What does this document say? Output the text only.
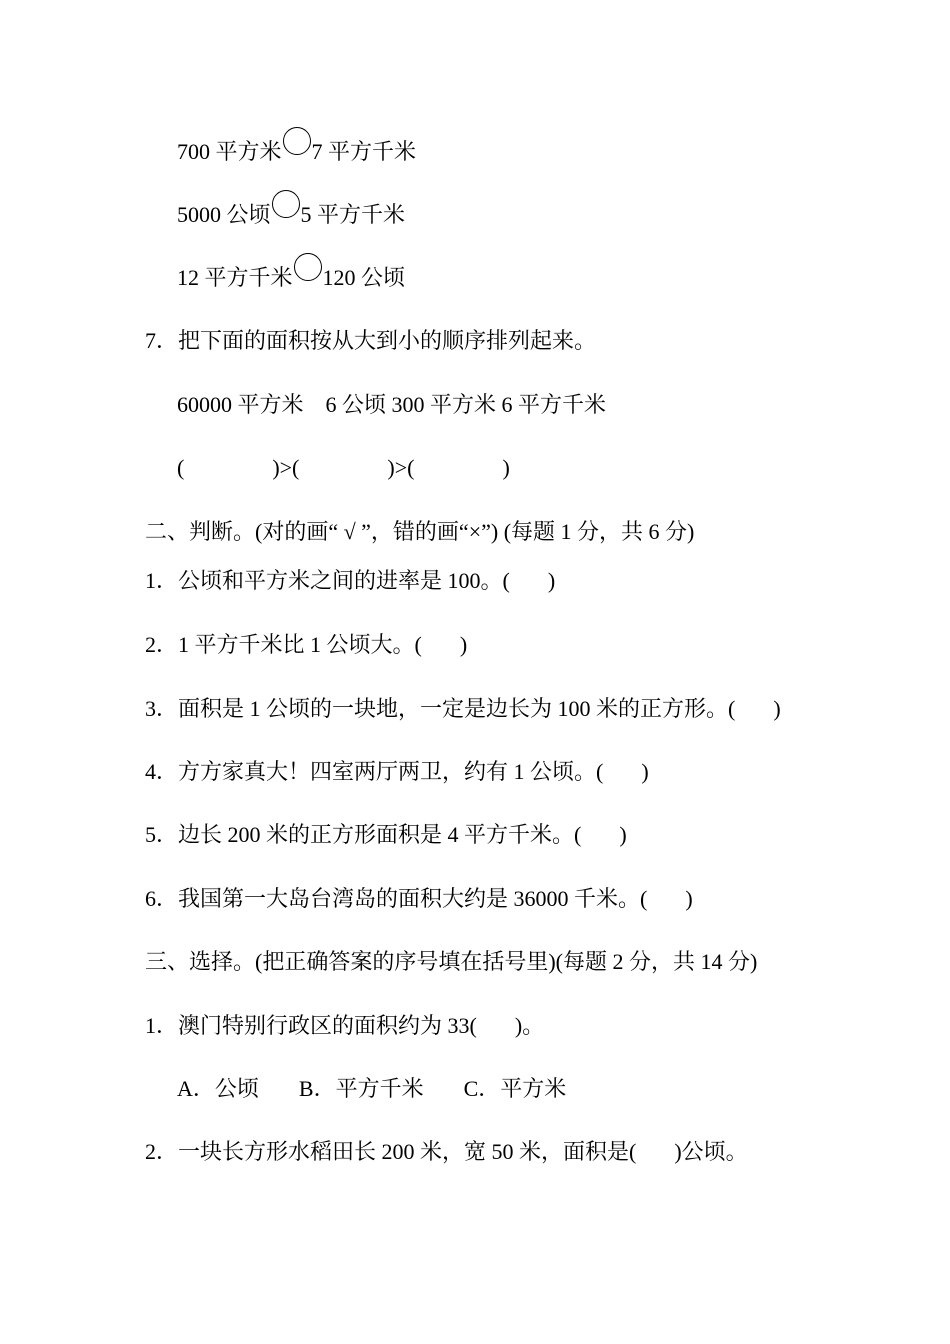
700 平方米 7 平方千米
5000 公顷 5 平方千米
12 平方千米 120 公顷
7．把下面的面积按从大到小的顺序排列起来。
60000 平方米　6 公顷 300 平方米 6 平方千米
(	)>(	)>(	)
二、判断。(对的画“ √ ”，错的画“×”) (每题 1 分，共 6 分)
1．公顷和平方米之间的进率是 100。( )
2．1 平方千米比 1 公顷大。( )
3．面积是 1 公顷的一块地，一定是边长为 100 米的正方形。( )
4．方方家真大！四室两厅两卫，约有 1 公顷。( )
5．边长 200 米的正方形面积是 4 平方千米。( )
6．我国第一大岛台湾岛的面积大约是 36000 千米。( )
三、选择。(把正确答案的序号填在括号里)(每题 2 分，共 14 分)
1．澳门特别行政区的面积约为 33( )。
A．公顷 B．平方千米 C．平方米
2．一块长方形水稻田长 200 米，宽 50 米，面积是( )公顷。
